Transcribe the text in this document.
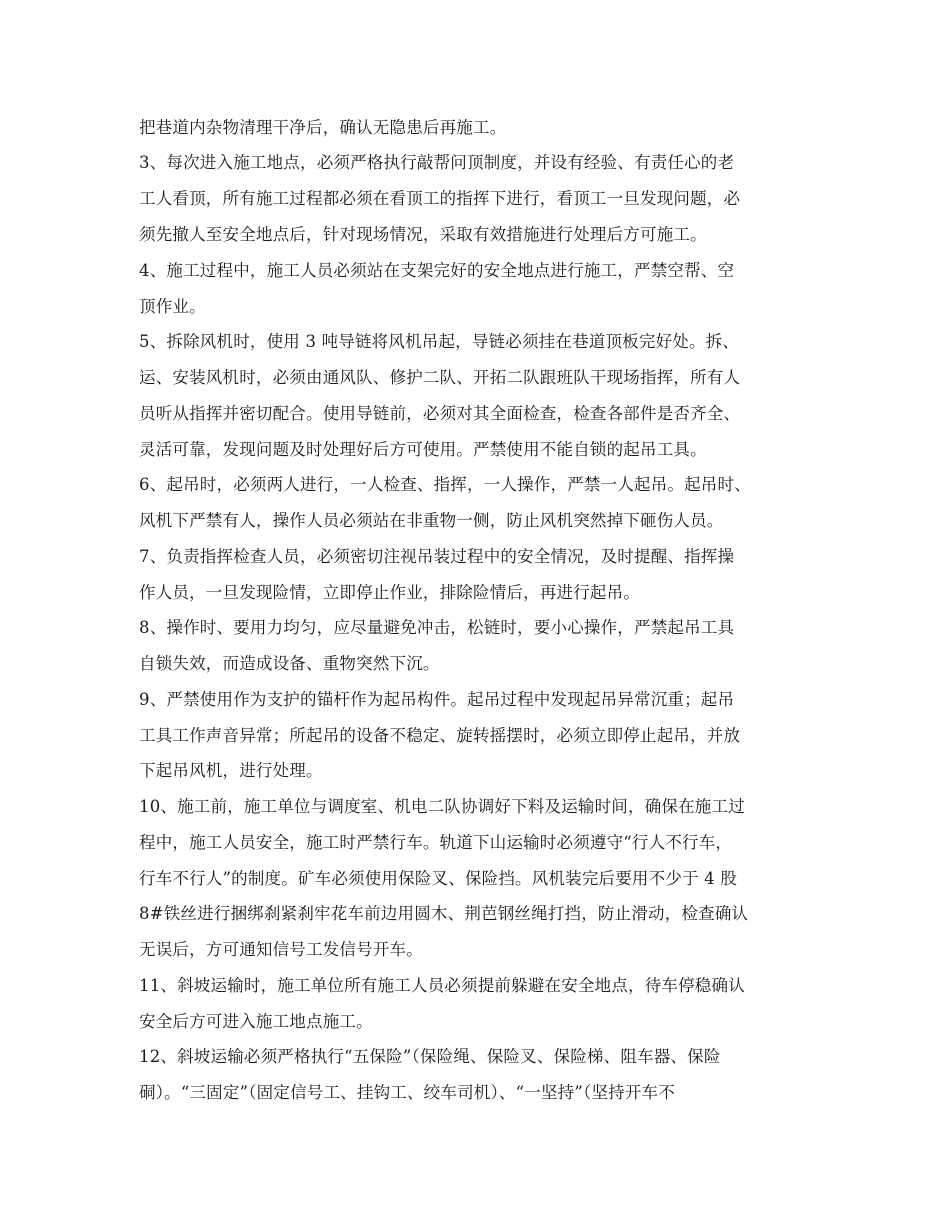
把巷道内杂物清理干净后，确认无隐患后再施工。
3、每次进入施工地点，必须严格执行敲帮问顶制度，并设有经验、有责任心的老
工人看顶，所有施工过程都必须在看顶工的指挥下进行，看顶工一旦发现问题，必
须先撤人至安全地点后，针对现场情况，采取有效措施进行处理后方可施工。
4、施工过程中，施工人员必须站在支架完好的安全地点进行施工，严禁空帮、空
顶作业。
5、拆除风机时，使用 3 吨导链将风机吊起，导链必须挂在巷道顶板完好处。拆、
运、安装风机时，必须由通风队、修护二队、开拓二队跟班队干现场指挥，所有人
员听从指挥并密切配合。使用导链前，必须对其全面检查，检查各部件是否齐全、
灵活可靠，发现问题及时处理好后方可使用。严禁使用不能自锁的起吊工具。
6、起吊时，必须两人进行，一人检查、指挥，一人操作，严禁一人起吊。起吊时、
风机下严禁有人，操作人员必须站在非重物一侧，防止风机突然掉下砸伤人员。
7、负责指挥检查人员，必须密切注视吊装过程中的安全情况，及时提醒、指挥操
作人员，一旦发现险情，立即停止作业，排除险情后，再进行起吊。
8、操作时、要用力均匀，应尽量避免冲击，松链时，要小心操作，严禁起吊工具
自锁失效，而造成设备、重物突然下沉。
9、严禁使用作为支护的锚杆作为起吊构件。起吊过程中发现起吊异常沉重；起吊
工具工作声音异常；所起吊的设备不稳定、旋转摇摆时，必须立即停止起吊，并放
下起吊风机，进行处理。
10、施工前，施工单位与调度室、机电二队协调好下料及运输时间，确保在施工过
程中，施工人员安全，施工时严禁行车。轨道下山运输时必须遵守“行人不行车，
行车不行人”的制度。矿车必须使用保险叉、保险挡。风机装完后要用不少于 4 股
8#铁丝进行捆绑刹紧刹牢花车前边用圆木、荆芭钢丝绳打挡，防止滑动，检查确认
无误后，方可通知信号工发信号开车。
11、斜坡运输时，施工单位所有施工人员必须提前躲避在安全地点，待车停稳确认
安全后方可进入施工地点施工。
12、斜坡运输必须严格执行“五保险”（保险绳、保险叉、保险梯、阻车器、保险
硐）。“三固定”（固定信号工、挂钩工、绞车司机）、“一坚持”（坚持开车不
